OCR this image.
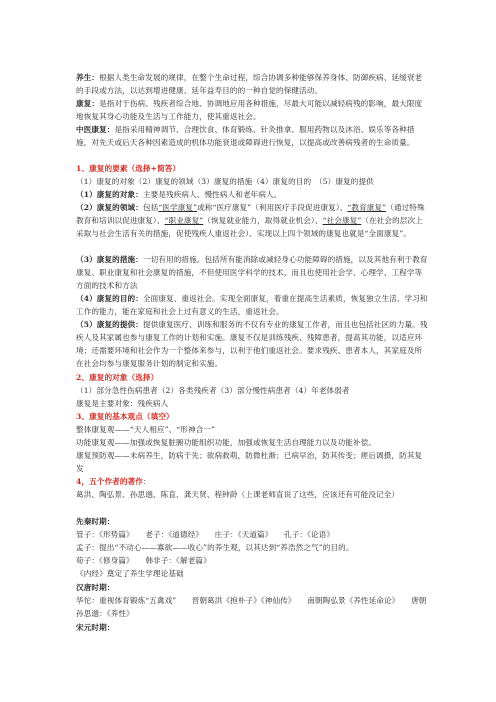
养生：根据人类生命发展的规律，在整个生命过程，综合协调多种能够保养身体、防御疾病、延缓衰老的手段或方法，以达到增进健康、延年益寿目的的一种自觉的保健活动。
康复：是指对于伤病、残疾者综合地、协调地应用各种措施，尽最大可能以减轻病残的影响，最大限度地恢复其身心功能及生活与工作能力，使其重返社会。
中医康复：是指采用精神调节、合理饮食、体育锻炼、针灸推拿、服用药物以及沐浴、娱乐等各种措施，对先天或后天各种因素造成的机体功能衰退或障碍进行恢复，以提高或改善病残者的生命质量。
1、康复的要素（选择+简答）
（1）康复的对象（2）康复的领域（3）康复的措施（4）康复的目的　（5）康复的提供
（1）康复的对象：主要是残疾病人、慢性病人和老年病人。
（2）康复的领域：包括“医学康复”或称“医疗康复”（利用医疗手段促进康复）、“教育康复”（通过特殊教育和培训以促进康复）、“职业康复”（恢复就业能力，取得就业机会）、“社会康复”（在社会的层次上采取与社会生活有关的措施，促使残疾人重返社会）。实现以上四个领域的康复也就是“全面康复”。
（3）康复的措施：一切有用的措施。包括所有能消除或减轻身心功能障碍的措施，以及其他有利于教育康复、职业康复和社会康复的措施，不但使用医学科学的技术，而且也使用社会学、心理学、工程学等方面的技术和方法
（4）康复的目的：全面康复、重返社会。实现全面康复，着重在提高生活素质，恢复独立生活、学习和工作的能力，能在家庭和社会上过有意义的生活，重返社会。
（5）康复的提供：提供康复医疗、训练和服务的不仅有专业的康复工作者，而且也包括社区的力量。残疾人及其家属也参与康复工作的计划和实施。康复不仅是训练残疾、残障患者，提高其功能，以适应环境；还需要环境和社会作为一个整体来参与，以利于他们重返社会。要求残疾、患者本人，其家庭及所在社会均参与康复服务计划的制定和实施。
2、康复的对象（选择）
（1）部分急性伤病患者（2）各类残疾者（3）部分慢性病患者（4）年老体弱者
康复是主要对象：残疾病人
3、康复的基本观点（填空）
整体康复观——“天人相应”、“形神合一”
功能康复观——加强或恢复脏腑功能组织功能，加强或恢复生活自理能力以及功能补偿。
康复预防观——未病养生，防病于先；欲病救萌，防微杜渐；已病早治，防其传变；瘥后调摄，防其复发
4，五个作者的著作：
葛洪、陶弘景、孙思邈、陈直、龚天贤、程钟龄（上课老师直说了这些，应该还有可能没记全）
先秦时期：
管子：《形势篇》　　老子：《道德经》　　庄子：《天道篇》　　孔子：《论语》
孟子：提出“不动心——寡欲——收心”的养生观，以其达到“养浩然之气”的目的。
荀子：《修身篇》　　韩非子：《解老篇》
《内经》奠定了养生学理论基础
汉唐时期：
华佗：重视体育锻炼“五禽戏”　　晋朝葛洪《抱朴子》《神仙传》　　南朝陶弘景《养性延命论》　　唐朝孙思邈：《养性》
宋元时期：
